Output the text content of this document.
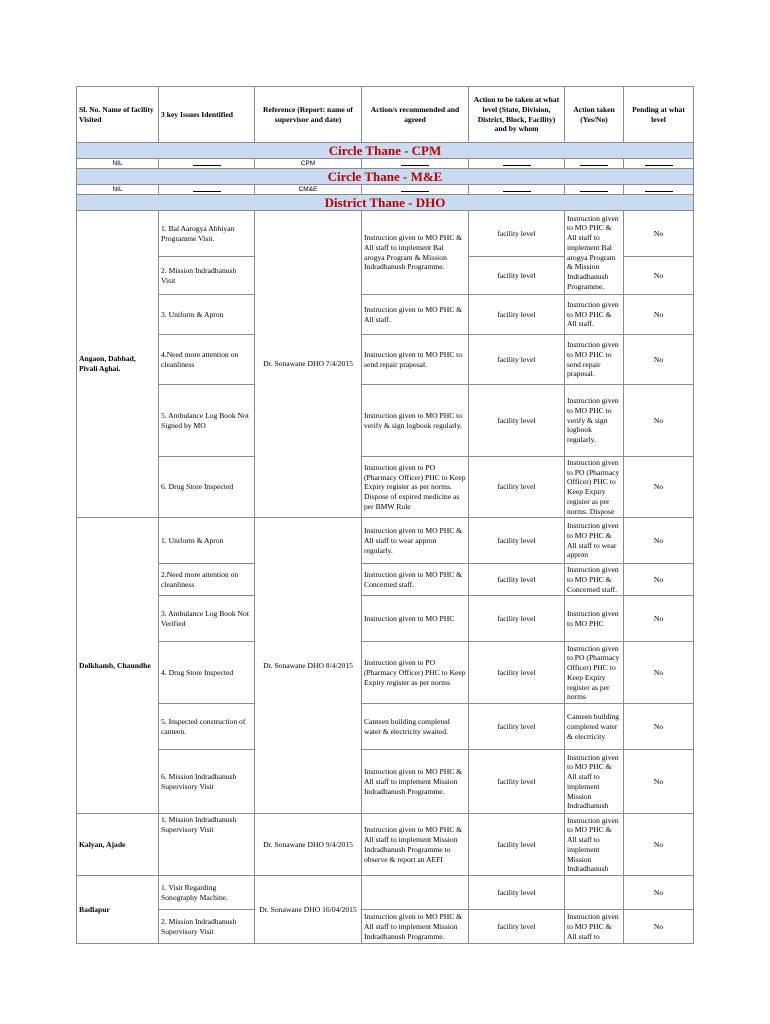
Sl. No. Name of facility Visited	3 key Issues Identified	Reference (Report: name of supervisor and date)	Action/s recommended and agreed	Action to be taken at what level (State, Division, District, Block, Facility) and by whom	Action taken (Yes/No)	Pending at what level
Circle Thane - CPM						
NIL		CPM				
Circle Thane - M&E						
NIL		CM&E				
District Thane - DHO						
Angaon, Dabhad, Pivali Aghai.	1. Bal Aarogya Abhiyan Programme Visit.	Dr. Sonawane DHO 7/4/2015	Instruction given to MO PHC & All staff to implement Bal arogya Program & Mission Indradhanush Programme.	facility level	Instruction given to MO PHC & All staff to implement Bal arogya Program & Mission Indradhanush Programme.	No
	2. Mission Indradhanush Visit			facility level		No
	3. Uniform & Apron		Instruction given to MO PHC & All staff.	facility level	Instruction given to MO PHC & All staff.	No
	4.Need more attention on cleanliness		Instruction given to MO PHC to send repair praposal.	facility level	Instruction given to MO PHC to send repair praposal.	No
	5. Ambulance Log Book Not Signed by MO		Instruction given to MO PHC to verify & sign logbook regularly.	facility level	Instruction given to MO PHC to verify & sign logbook regularly.	No
	6. Drug Store Inspected		Instruction given to PO (Pharmacy Officer) PHC to Keep Expiry register as per norms. Dispose of expired medicine as per BMW Rule	facility level	Instruction given to PO (Pharmacy Officer) PHC to Keep Expiry register as per norms. Dispose	No
Dolkhamb, Chaundhe	1. Uniform & Apron	Dr. Sonawane DHO 8/4/2015	Instruction given to MO PHC & All staff to wear appron regularly.	facility level	Instruction given to MO PHC & All staff to wear appron	No
	2.Need more attention on cleanliness		Instruction given to MO PHC & Concerned staff.	facility level	Instruction given to MO PHC & Concerned staff.	No
	3. Ambulance Log Book Not Verified		Instruction given to MO PHC	facility level	Instruction given to MO PHC	No
	4. Drug Store Inspected		Instruction given to PO (Pharmacy Officer) PHC to Keep Expiry register as per norms	facility level	Instruction given to PO (Pharmacy Officer) PHC to Keep Expiry register as per norms	No
	5. Inspected construction of canteen.		Canteen building completed water & electricity swaited.	facility level	Canteen building completed water & electricity	No
	6. Mission Indradhanush Supervisory Visit		Instruction given to MO PHC & All staff to implement Mission Indradhanush Programme.	facility level	Instruction given to MO PHC & All staff to implement Mission Indradhanush	No
Kalyan, Ajade	1. Mission Indradhanush Supervisory Visit	Dr. Sonawane DHO 9/4/2015	Instruction given to MO PHC & All staff to implement Mission Indradhanush Programme to observe & report an AEFI	facility level	Instruction given to MO PHC & All staff to implement Mission Indradhanush	No
Badlapur	1. Visit Regarding Sonography Machine.	Dr. Sonawane DHO 16/04/2015		facility level		No
	2. Mission Indradhanush Supervisory Visit		Instruction given to MO PHC & All staff to implement Mission Indradhanush Programme.	facility level	Instruction given to MO PHC & All staff to	No
